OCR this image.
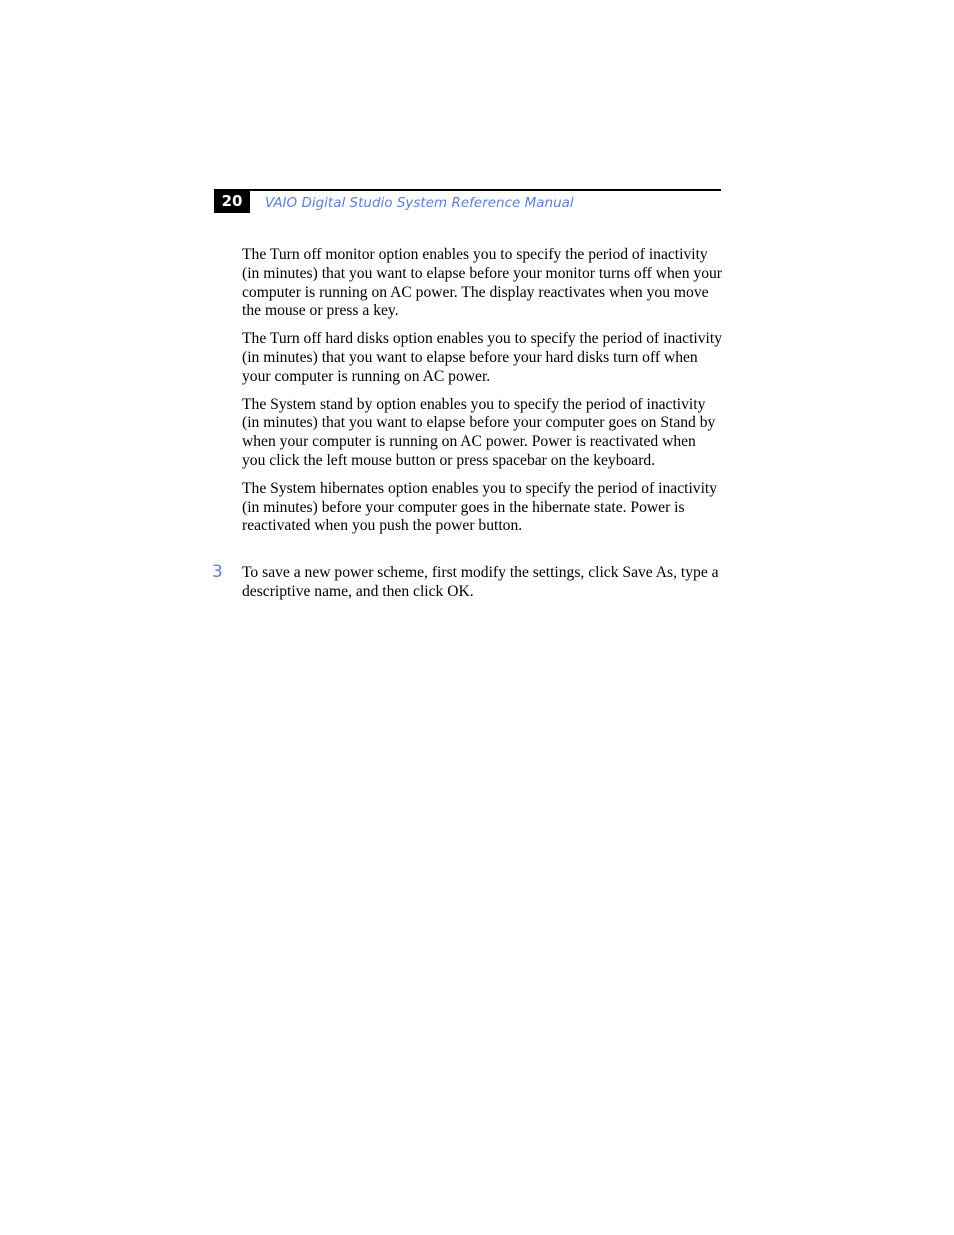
20	VAIO Digital Studio System Reference Manual

The Turn off monitor option enables you to specify the period of inactivity (in minutes) that you want to elapse before your monitor turns off when your computer is running on AC power. The display reactivates when you move the mouse or press a key.

The Turn off hard disks option enables you to specify the period of inactivity (in minutes) that you want to elapse before your hard disks turn off when your computer is running on AC power.

The System stand by option enables you to specify the period of inactivity (in minutes) that you want to elapse before your computer goes on Stand by when your computer is running on AC power. Power is reactivated when you click the left mouse button or press spacebar on the keyboard.

The System hibernates option enables you to specify the period of inactivity (in minutes) before your computer goes in the hibernate state. Power is reactivated when you push the power button.

3	To save a new power scheme, first modify the settings, click Save As, type a descriptive name, and then click OK.
